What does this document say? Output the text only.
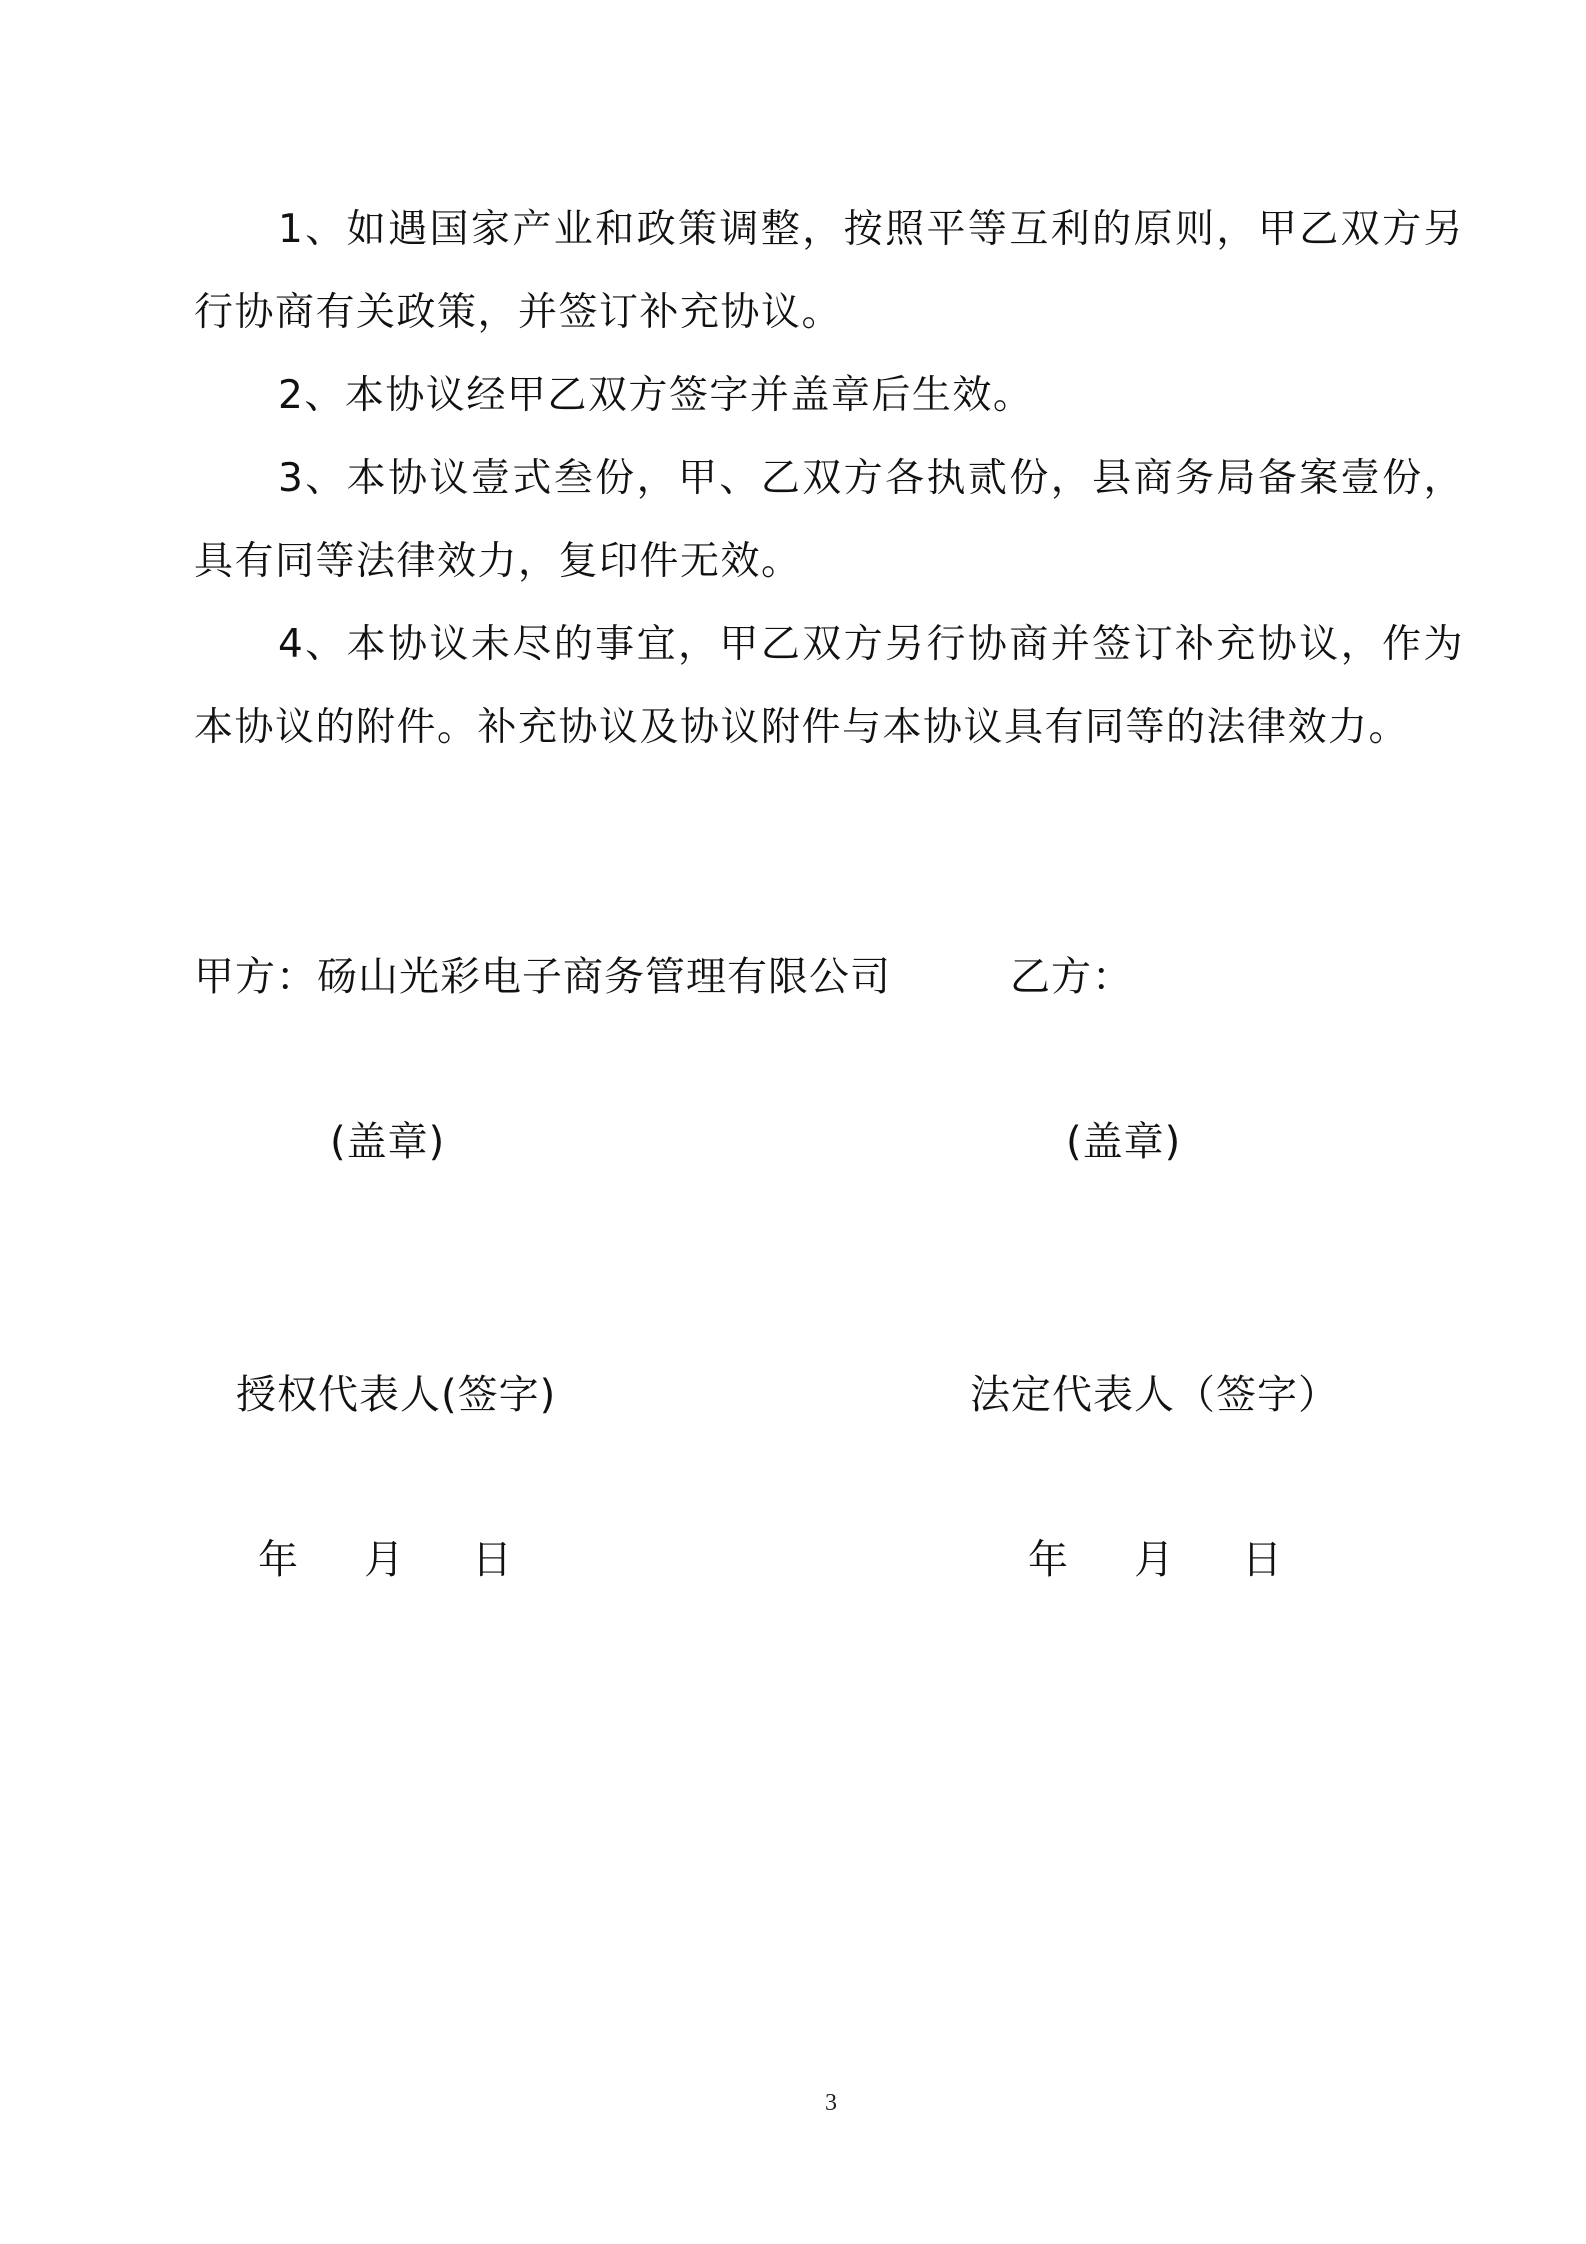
1、如遇国家产业和政策调整，按照平等互利的原则，甲乙双方另行协商有关政策，并签订补充协议。

2、本协议经甲乙双方签字并盖章后生效。

3、本协议壹式叁份，甲、乙双方各执贰份，县商务局备案壹份，具有同等法律效力，复印件无效。

4、本协议未尽的事宜，甲乙双方另行协商并签订补充协议，作为本协议的附件。补充协议及协议附件与本协议具有同等的法律效力。

甲方：砀山光彩电子商务管理有限公司	乙方：
(盖章)	(盖章)
授权代表人(签字)	法定代表人（签字）
年 月 日	年 月 日
3
